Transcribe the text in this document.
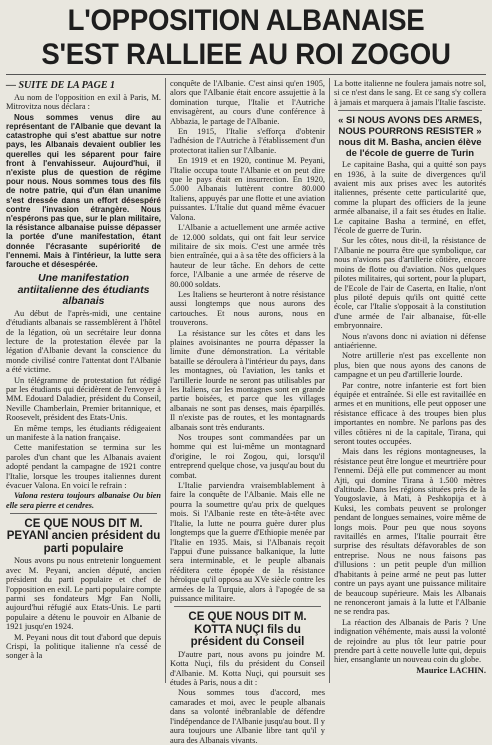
L'OPPOSITION ALBANAISE
S'EST RALLIEE AU ROI ZOGOU

— SUITE DE LA PAGE 1

Au nom de l'opposition en exil à Paris, M. Mitrovitza nous déclara :

Nous sommes venus dire au représentant de l'Albanie que devant la catastrophe qui s'est abattue sur notre pays, les Albanais devaient oublier les querelles qui les séparent pour faire front à l'envahisseur. Aujourd'hui, il n'existe plus de question de régime pour nous. Nous sommes tous des fils de notre patrie, qui d'un élan unanime s'est dressée dans un effort désespéré contre l'invasion étrangère. Nous n'espérons pas que, sur le plan militaire, la résistance albanaise puisse dépasser la portée d'une manifestation, étant donnée l'écrasante supériorité de l'ennemi. Mais à l'intérieur, la lutte sera farouche et désespérée.

Une manifestation antiitalienne des étudiants albanais

Au début de l'après-midi, une centaine d'étudiants albanais se rassemblèrent à l'hôtel de la légation, où un secrétaire leur donna lecture de la protestation élevée par la légation d'Albanie devant la conscience du monde civilisé contre l'attentat dont l'Albanie a été victime.

Un télégramme de protestation fut rédigé par les étudiants qui décidèrent de l'envoyer à MM. Edouard Daladier, président du Conseil, Neville Chamberlain, Premier britannique, et Roosevelt, président des Etats-Unis.

En même temps, les étudiants rédigeaient un manifeste à la nation française.

Cette manifestation se termina sur les paroles d'un chant que les Albanais avaient adopté pendant la campagne de 1921 contre l'Italie, lorsque les troupes italiennes durent évacuer Valona. En voici le refrain :

Valona restera toujours albanaise Ou bien elle sera pierre et cendres.

CE QUE NOUS DIT M. PEYANI ancien président du parti populaire

Nous avons pu nous entretenir longuement avec M. Peyani, ancien député, ancien président du parti populaire et chef de l'opposition en exil. Le parti populaire compte parmi ses fondateurs Mgr Fan Nolli, aujourd'hui réfugié aux Etats-Unis. Le parti populaire a détenu le pouvoir en Albanie de 1921 jusqu'en 1924.

M. Peyani nous dit tout d'abord que depuis Crispi, la politique italienne n'a cessé de songer à la

conquête de l'Albanie. C'est ainsi qu'en 1905, alors que l'Albanie était encore assujettie à la domination turque, l'Italie et l'Autriche envisagèrent, au cours d'une conférence à Abbazia, le partage de l'Albanie.

En 1915, l'Italie s'efforça d'obtenir l'adhésion de l'Autriche à l'établissement d'un protectorat italien sur l'Albanie.

En 1919 et en 1920, continue M. Peyani, l'Italie occupa toute l'Albanie et on peut dire que le pays était en insurrection. En 1920, 5.000 Albanais luttèrent contre 80.000 Italiens, appuyés par une flotte et une aviation puissantes. L'Italie dut quand même évacuer Valona.

L'Albanie a actuellement une armée active de 12.000 soldats, qui ont fait leur service militaire de six mois. C'est une armée très bien entraînée, qui a à sa tête des officiers à la hauteur de leur tâche. En dehors de cette force, l'Albanie a une armée de réserve de 80.000 soldats.

Les Italiens se heurteront à notre résistance aussi longtemps que nous aurons des cartouches. Et nous aurons, nous en trouverons.

La résistance sur les côtes et dans les plaines avoisinantes ne pourra dépasser la limite d'une démonstration. La véritable bataille se déroulera à l'intérieur du pays, dans les montagnes, où l'aviation, les tanks et l'artillerie lourde ne seront pas utilisables par les Italiens, car les montagnes sont en grande partie boisées, et parce que les villages albanais ne sont pas denses, mais éparpillés. Il n'existe pas de routes, et les montagnards albanais sont très endurants.

Nos troupes sont commandées par un homme qui est lui-même un montagnard d'origine, le roi Zogou, qui, lorsqu'il entreprend quelque chose, va jusqu'au bout du combat.

L'Italie parviendra vraisemblablement à faire la conquête de l'Albanie. Mais elle ne pourra la soumettre qu'au prix de quelques mois. Si l'Albanie reste en tête-à-tête avec l'Italie, la lutte ne pourra guère durer plus longtemps que la guerre d'Ethiopie menée par l'Italie en 1935. Mais, si l'Albanais reçoit l'appui d'une puissance balkanique, la lutte sera interminable, et le peuple albanais rééditera cette épopée de la résistance héroïque qu'il opposa au XVe siècle contre les armées de la Turquie, alors à l'apogée de sa puissance militaire.

CE QUE NOUS DIT M. KOTTA NUÇI fils du président du Conseil

D'autre part, nous avons pu joindre M. Kotta Nuçi, fils du président du Conseil d'Albanie. M. Kotta Nuçi, qui poursuit ses études à Paris, nous a dit :

Nous sommes tous d'accord, mes camarades et moi, avec le peuple albanais dans sa volonté inébranlable de défendre l'indépendance de l'Albanie jusqu'au bout. Il y aura toujours une Albanie libre tant qu'il y aura des Albanais vivants.

La botte italienne ne foulera jamais notre sol, si ce n'est dans le sang. Et ce sang s'y collera à jamais et marquera à jamais l'Italie fasciste.

« SI NOUS AVONS DES ARMES, NOUS POURRONS RESISTER » nous dit M. Basha, ancien élève de l'école de guerre de Turin

Le capitaine Basha, qui a quitté son pays en 1936, à la suite de divergences qu'il avaient mis aux prises avec les autorités italiennes, présente cette particularité que, comme la plupart des officiers de la jeune armée albanaise, il a fait ses études en Italie. Le capitaine Basha a terminé, en effet, l'école de guerre de Turin.

Sur les côtes, nous dit-il, la résistance de l'Albanie ne pourra être que symbolique, car nous n'avions pas d'artillerie côtière, encore moins de flotte ou d'aviation. Nos quelques pilotes militaires, qui sortent, pour la plupart, de l'Ecole de l'air de Caserta, en Italie, n'ont plus piloté depuis qu'ils ont quitté cette école, car l'Italie s'opposait à la constitution d'une armée de l'air albanaise, fût-elle embryonnaire.

Nous n'avons donc ni aviation ni défense antiaérienne.

Notre artillerie n'est pas excellente non plus, bien que nous ayons des canons de campagne et un peu d'artillerie lourde.

Par contre, notre infanterie est fort bien équipée et entraînée. Si elle est ravitaillée en armes et en munitions, elle peut opposer une résistance efficace à des troupes bien plus importantes en nombre. Ne parlons pas des villes côtières ni de la capitale, Tirana, qui seront toutes occupées.

Mais dans les régions montagneuses, la résistance peut être longue et meurtrière pour l'ennemi. Déjà elle put commencer au mont Ajti, qui domine Tirana à 1.500 mètres d'altitude. Dans les régions situées près de la Yougoslavie, à Mati, à Peshkopija et à Kuksi, les combats peuvent se prolonger pendant de longues semaines, voire même de longs mois. Pour peu que nous soyons ravitaillés en armes, l'Italie pourrait être surprise des résultats défavorables de son entreprise. Nous ne nous faisons pas d'illusions : un petit peuple d'un million d'habitants à peine armé ne peut pas lutter contre un pays ayant une puissance militaire de beaucoup supérieure. Mais les Albanais ne renonceront jamais à la lutte et l'Albanie ne se rendra pas.

La réaction des Albanais de Paris ? Une indignation véhémente, mais aussi la volonté de rejoindre au plus tôt leur patrie pour prendre part à cette nouvelle lutte qui, depuis hier, ensanglante un nouveau coin du globe.

Maurice LACHIN.
